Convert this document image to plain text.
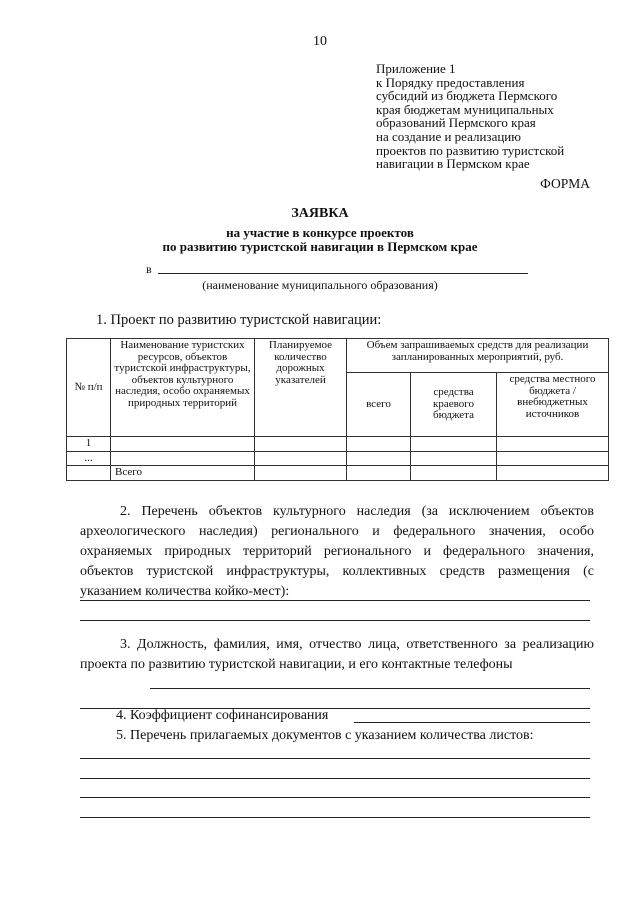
10
Приложение 1
к Порядку предоставления
субсидий из бюджета Пермского
края бюджетам муниципальных
образований Пермского края
на создание и реализацию
проектов по развитию туристской
навигации в Пермском крае
ФОРМА
ЗАЯВКА
на участие в конкурсе проектов
по развитию туристской навигации в Пермском крае
в
(наименование муниципального образования)
1. Проект по развитию туристской навигации:
№ п/п	Наименование туристских ресурсов, объектов туристской инфраструктуры, объектов культурного наследия, особо охраняемых природных территорий	Планируемое количество дорожных указателей	Объем запрашиваемых средств для реализации запланированных мероприятий, руб.		
			всего	средства краевого бюджета	средства местного бюджета / внебюджетных источников
1					
...					
	Всего				
2. Перечень объектов культурного наследия (за исключением объектов археологического наследия) регионального и федерального значения, особо охраняемых природных территорий регионального и федерального значения, объектов туристской инфраструктуры, коллективных средств размещения (с указанием количества койко-мест):
3. Должность, фамилия, имя, отчество лица, ответственного за реализацию проекта по развитию туристской навигации, и его контактные телефоны
4. Коэффициент софинансирования
5. Перечень прилагаемых документов с указанием количества листов:
